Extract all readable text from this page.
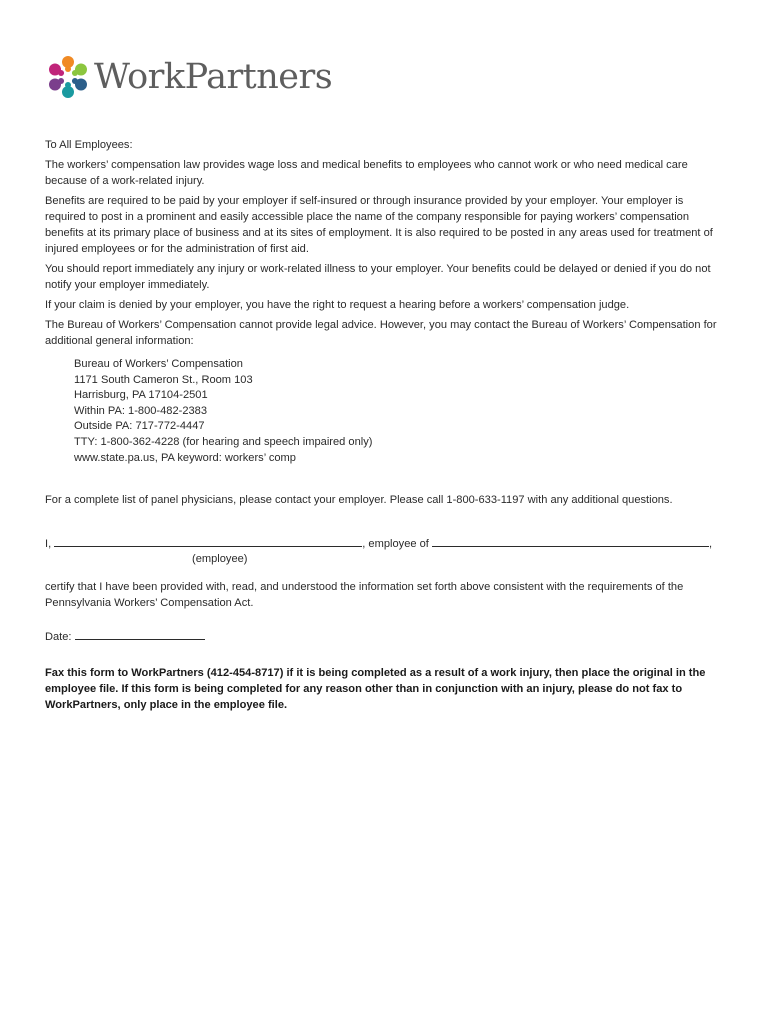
WorkPartners
To All Employees:
The workers’ compensation law provides wage loss and medical benefits to employees who cannot work or who need medical care because of a work-related injury.
Benefits are required to be paid by your employer if self-insured or through insurance provided by your employer. Your employer is required to post in a prominent and easily accessible place the name of the company responsible for paying workers’ compensation benefits at its primary place of business and at its sites of employment. It is also required to be posted in any areas used for treatment of injured employees or for the administration of first aid.
You should report immediately any injury or work-related illness to your employer. Your benefits could be delayed or denied if you do not notify your employer immediately.
If your claim is denied by your employer, you have the right to request a hearing before a workers’ compensation judge.
The Bureau of Workers’ Compensation cannot provide legal advice. However, you may contact the Bureau of Workers’ Compensation for additional general information:
Bureau of Workers’ Compensation
1171 South Cameron St., Room 103
Harrisburg, PA 17104-2501
Within PA: 1-800-482-2383
Outside PA: 717-772-4447
TTY: 1-800-362-4228 (for hearing and speech impaired only)
www.state.pa.us, PA keyword: workers’ comp
For a complete list of panel physicians, please contact your employer. Please call 1-800-633-1197 with any additional questions.
I,	, employee of	,
(employee)
certify that I have been provided with, read, and understood the information set forth above consistent with the requirements of the Pennsylvania Workers’ Compensation Act.
Date:
Fax this form to WorkPartners (412-454-8717) if it is being completed as a result of a work injury, then place the original in the employee file. If this form is being completed for any reason other than in conjunction with an injury, please do not fax to WorkPartners, only place in the employee file.
